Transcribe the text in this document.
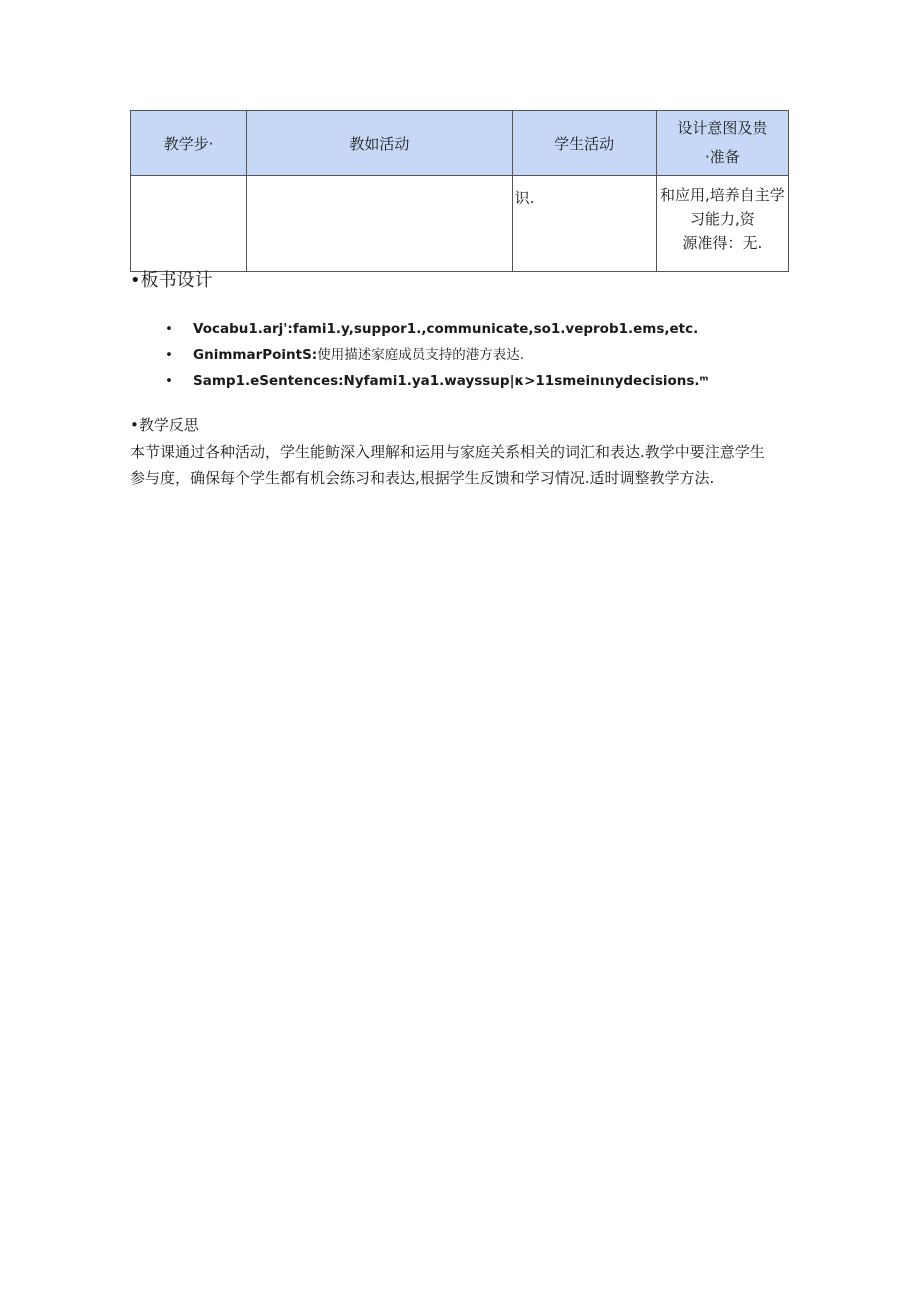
教学步·	教如活动	学生活动	设计意图及贵
·准备

		识.	和应用,培养自主学
习能力,资
源准得：无.
•板书设计
• Vocabu1.arj':fami1.y,suppor1.,communicate,so1.veprob1.ems,etc.
• GnimmarPointS:使用描述家庭成员支持的港方表达.
• Samp1.eSentences:Nyfami1.ya1.wayssup|κ>11smeinιnydecisions.ᵐ
•教学反思
本节课通过各种活动，学生能鲂深入理解和运用与家庭关系相关的词汇和表达.教学中要注意学生
参与度，确保每个学生都有机会练习和表达,根据学生反馈和学习情况.适时调整教学方法.
